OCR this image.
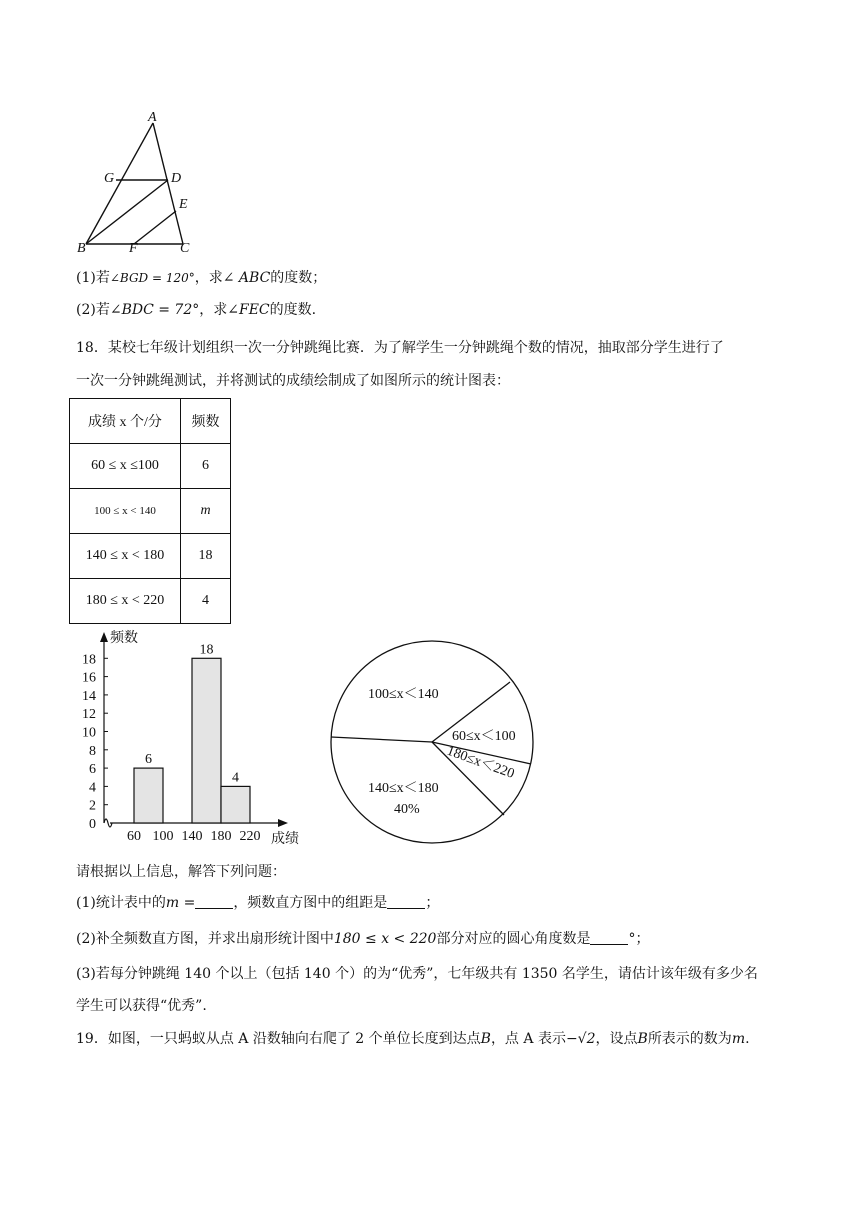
A
G	D
E
B	F	C
(1)若∠BGD = 120°，求∠ ABC的度数；
(2)若∠BDC = 72°，求∠FEC的度数.
18．某校七年级计划组织一次一分钟跳绳比赛．为了解学生一分钟跳绳个数的情况，抽取部分学生进行了
一次一分钟跳绳测试，并将测试的成绩绘制成了如图所示的统计图表：
成绩 x 个/分	频数
60 ≤ x ≤100	6
100 ≤ x < 140	m
140 ≤ x < 180	18
180 ≤ x < 220	4
0
2
4
6
8
10
12
14
16
18
频数
6
18
4
60 100 140 180 220 成绩
100≤x＜140
60≤x＜100
180≤x＜220
140≤x＜180
40%
请根据以上信息，解答下列问题：
(1)统计表中的m =	，频数直方图中的组距是	；
(2)补全频数直方图，并求出扇形统计图中180 ≤ x < 220部分对应的圆心角度数是	°；
(3)若每分钟跳绳 140 个以上（包括 140 个）的为“优秀”，七年级共有 1350 名学生，请估计该年级有多少名
学生可以获得“优秀”.
19．如图，一只蚂蚁从点 A 沿数轴向右爬了 2 个单位长度到达点B，点 A 表示−√2，设点B所表示的数为m.
